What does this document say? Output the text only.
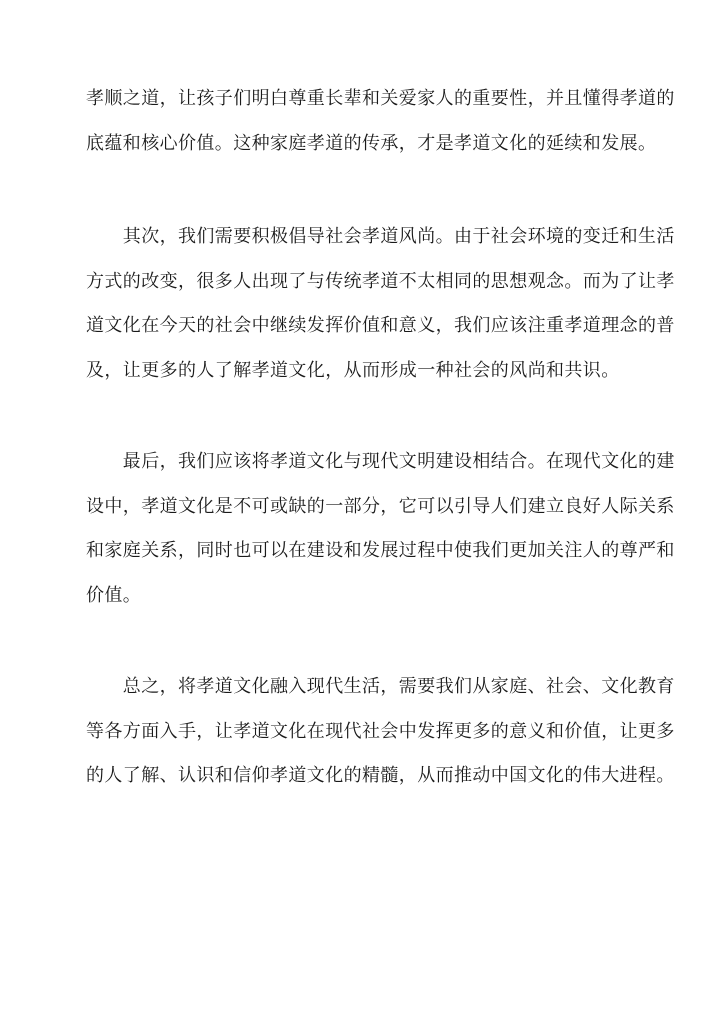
孝顺之道，让孩子们明白尊重长辈和关爱家人的重要性，并且懂得孝道的
底蕴和核心价值。这种家庭孝道的传承，才是孝道文化的延续和发展。

　　其次，我们需要积极倡导社会孝道风尚。由于社会环境的变迁和生活
方式的改变，很多人出现了与传统孝道不太相同的思想观念。而为了让孝
道文化在今天的社会中继续发挥价值和意义，我们应该注重孝道理念的普
及，让更多的人了解孝道文化，从而形成一种社会的风尚和共识。

　　最后，我们应该将孝道文化与现代文明建设相结合。在现代文化的建
设中，孝道文化是不可或缺的一部分，它可以引导人们建立良好人际关系
和家庭关系，同时也可以在建设和发展过程中使我们更加关注人的尊严和
价值。

　　总之，将孝道文化融入现代生活，需要我们从家庭、社会、文化教育
等各方面入手，让孝道文化在现代社会中发挥更多的意义和价值，让更多
的人了解、认识和信仰孝道文化的精髓，从而推动中国文化的伟大进程。
